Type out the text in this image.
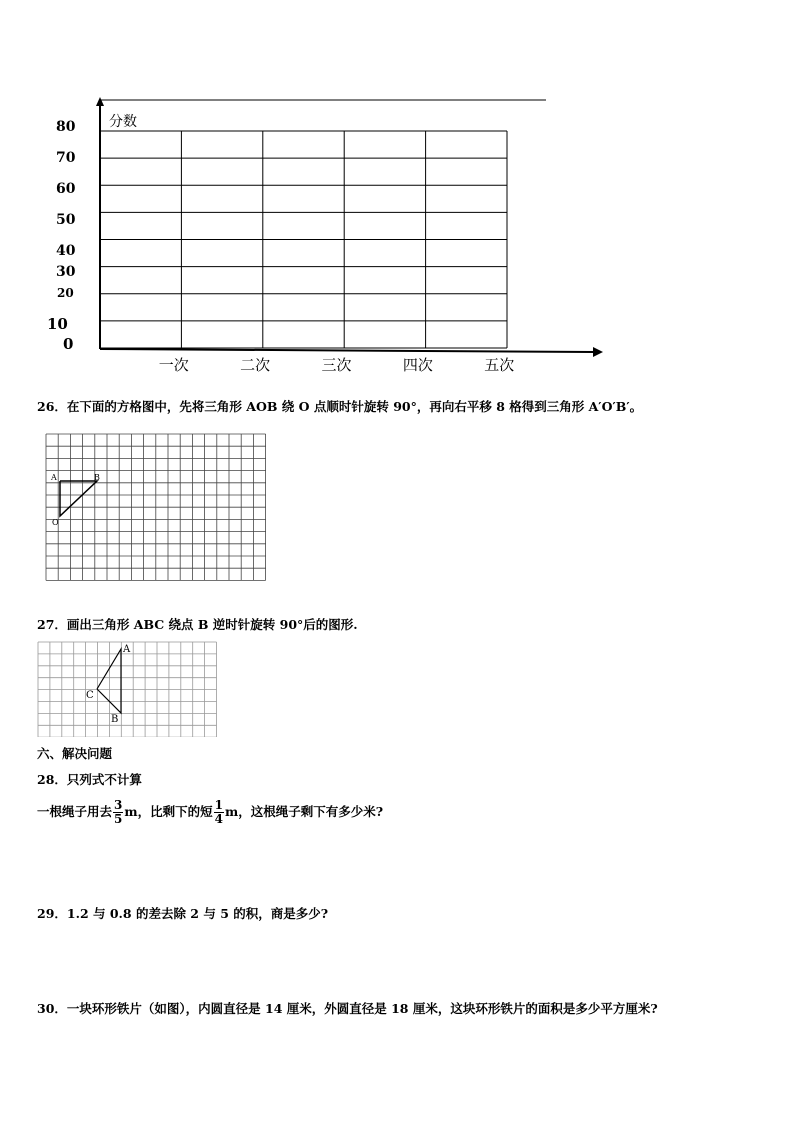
分数
80
70
60
50
40
30
20
10
0
一次	二次	三次	四次	五次
26．在下面的方格图中，先将三角形 AOB 绕 O 点顺时针旋转 90°，再向右平移 8 格得到三角形 A′O′B′。
A	B
O
27．画出三角形 ABC 绕点 B 逆时针旋转 90°后的图形.
A
C
B
六、解决问题
28．只列式不计算
一根绳子用去 $\frac{3}{5}$ m，比剩下的短 $\frac{1}{4}$ m，这根绳子剩下有多少米?
29．1.2 与 0.8 的差去除 2 与 5 的积，商是多少?
30．一块环形铁片（如图），内圆直径是 14 厘米，外圆直径是 18 厘米，这块环形铁片的面积是多少平方厘米?
